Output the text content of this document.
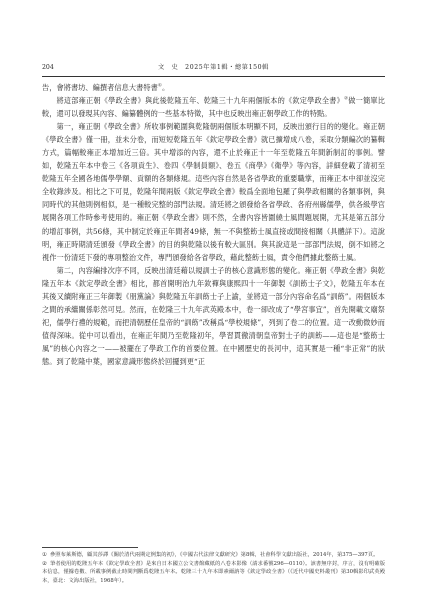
204	文　史　2025年第1輯・總第150輯

告，會將書坊、編撰者信息大書特書①。

將這部雍正朝《學政全書》與此後乾隆五年、乾隆三十九年兩個版本的《欽定學政全書》②做一簡單比較，還可以發現其內容、編纂體例的一些基本特徵，其中也反映出雍正朝學政工作的特點。

第一，雍正朝《學政全書》所收事例範圍與乾隆朝兩個版本明顯不同，反映出頒行目的的變化。雍正朝《學政全書》僅一冊，並未分卷，而短短乾隆五年《欽定學政全書》就已擴增成八卷，采取分類編次的纂輯方式，篇幅較雍正本增加近三倍。其中增添的內容，還不止於雍正十一年至乾隆五年間新制訂的事例。譬如，乾隆五年本中卷三《各項貢生》、卷四《學制員額》、卷五《商學》《衛學》等內容，詳細登載了清初至乾隆五年全國各地儒學學額、貢額的各類條規。這些內容自然是各省學政的重要職掌，而雍正本中卻並沒完全收錄涉及。相比之下可見，乾隆年間兩版《欽定學政全書》較爲全面地包羅了與學政相關的各類事例，與同時代的其他則例相似，是一種較完整的部門法規。清廷將之頒發給各省學政、各府州縣儒學，供各級學官展開各項工作時參考使用的。雍正朝《學政全書》則不然，全書內容皆圍繞士風問題展開，尤其是第五部分的增訂事例，共56條，其中制定於雍正年間者49條，無一不與整飭士風直接或間接相關（具體詳下）。這說明，雍正時期清廷頒發《學政全書》的目的與乾隆以後有較大區別。與其說這是一部部門法規，倒不如將之視作一份清廷下發的專項整治文件，專門頒發給各省學政，藉此整飭士風，責令他們據此整飭士風。

第二，內容編排次序不同，反映出清廷藉以規訓士子的核心意識形態的變化。雍正朝《學政全書》與乾隆五年本《欽定學政全書》相比，都首開明治九年欽禪與康熙四十一年御製《訓飭士子文》，乾隆五年本在其後又續附雍正三年御製《朋黨論》與乾隆五年訓飭士子上諭，並將這一部分內容命名爲“訓飭”。兩個版本之間的承繼關係彰然可見。然而，在乾隆三十九年武英殿本中，卷一卻改成了“學宮事宜”，首先開載文廟祭祀，儒學行禮的規範，而把清朝歷任皇帝的“訓飭”改稱爲“學校規條”，列到了卷二的位置。這一改動微妙而值得深味。從中可以看出，在雍正年間乃至乾隆初年，學習貫徹清朝皇帝對士子的訓飭——這也是“整飭士風”的核心內容之一——被擺在了學政工作的首要位置。在中國歷史的長河中，這其實是一種“非正常”的狀態。到了乾隆中葉，國家意識形態終於回擺到更“正

① 參照布萊斯德，顧其莎譯《關於清代兩期定例集的初》，《中國古代法律文獻研究》第8輯，社會科學文獻出版社，2014年，第375—397頁。

② 筆者使用的乾隆五年本《欽定學政全書》是來自日本國立公文書館藏紙的八卷本影像（請求番號296—0110）。該書無序封，序言，沒有明確版本信息，僅據卷數、所載事例截止時間判斷爲乾隆五年本。乾隆三十九年本即素爾訥等《欽定學政全書》（《近代中國史料叢刊》第30輯影印武英殿本，臺北：文海出版社，1968年）。
